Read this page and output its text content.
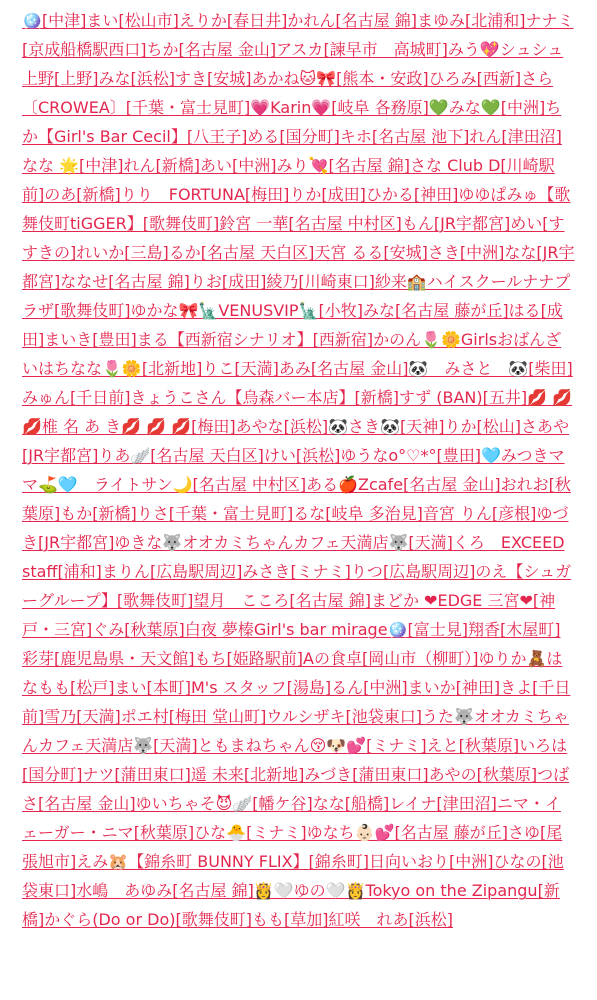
🪩[中津]まい[松山市]えりか[春日井]かれん[名古屋 錦]まゆみ[北浦和]ナナミ[京成船橋駅西口]ちか[名古屋 金山]アスカ[諫早市　高城町]みう💖シュシュ上野[上野]みな[浜松]すき[安城]あかね🐱🎀[熊本・安政]ひろみ[西新]さら〔CROWEA〕[千葉・富士見町]💗Karin💗[岐阜 各務原]💚みな💚[中洲]ちか【Girl's Bar Cecil】[八王子]める[国分町]キホ[名古屋 池下]れん[津田沼]なな 🌟[中津]れん[新橋]あい[中洲]みり💘[名古屋 錦]さな Club D[川崎駅前]のあ[新橋]りり　FORTUNA[梅田]りか[成田]ひかる[神田]ゆゆぱみゅ【歌舞伎町tiGGER】[歌舞伎町]鈴宮 一華[名古屋 中村区]もん[JR宇都宮]めい[すすきの]れいか[三島]るか[名古屋 天白区]天宮 るる[安城]さき[中洲]なな[JR宇都宮]ななせ[名古屋 錦]りお[成田]綾乃[川崎東口]紗来🏫ハイスクールナナプラザ[歌舞伎町]ゆかな🎀🗽VENUSVIP🗽[小牧]みな[名古屋 藤が丘]はる[成田]まいき[豊田]まる【西新宿シナリオ】[西新宿]かのん🌷🌼Girlsおばんざいはちなな🌷🌼[北新地]りこ[天満]あみ[名古屋 金山]🐼　みさと　🐼[柴田]みゅん[千日前]きょうこさん【烏森バー本店】[新橋]すず (BAN)[五井]💋 💋 💋椎 名 あ き💋 💋 💋[梅田]あやな[浜松]🐼さき🐼[天神]りか[松山]さあや[JR宇都宮]りあ🪽[名古屋 天白区]けい[浜松]ゆうなo°♡*°[豊田]🩵みつきママ⛳🩵　ライトサン🌙[名古屋 中村区]ある🍎Zcafe[名古屋 金山]おれお[秋葉原]もか[新橋]りさ[千葉・富士見町]るな[岐阜 多治見]音宮 りん[彦根]ゆづき[JR宇都宮]ゆきな🐺オオカミちゃんカフェ天満店🐺[天満]くろ　EXCEED staff[浦和]まりん[広島駅周辺]みさき[ミナミ]りつ[広島駅周辺]のえ【シュガーグループ】[歌舞伎町]望月　こころ[名古屋 錦]まどか ❤EDGE 三宮❤[神戸・三宮]ぐみ[秋葉原]白夜 夢榛Girl's bar mirage🪩[富士見]翔香[木屋町]彩芽[鹿児島県・天文館]もち[姫路駅前]Aの食卓[岡山市（柳町）]ゆりか🧸はなもも[松戸]まい[本町]M's スタッフ[湯島]るん[中洲]まいか[神田]きよ[千日前]雪乃[天満]ポエ村[梅田 堂山町]ウルシザキ[池袋東口]うた🐺オオカミちゃんカフェ天満店🐺[天満]ともまねちゃん😚🐶💕[ミナミ]えと[秋葉原]いろは[国分町]ナツ[蒲田東口]遥 未来[北新地]みづき[蒲田東口]あやの[秋葉原]つばさ[名古屋 金山]ゆいちゃそ😈🪽[幡ケ谷]なな[船橋]レイナ[津田沼]ニマ・イェーガー・ニマ[秋葉原]ひな🐣[ミナミ]ゆなち👶🏻💕[名古屋 藤が丘]さゆ[尾張旭市]えみ🐹【錦糸町 BUNNY FLIX】[錦糸町]日向いおり[中洲]ひなの[池袋東口]水嶋　あゆみ[名古屋 錦]👸🤍ゆの🤍👸Tokyo on the Zipangu[新橋]かぐら(Do or Do)[歌舞伎町]もも[草加]紅咲　れあ[浜松]
